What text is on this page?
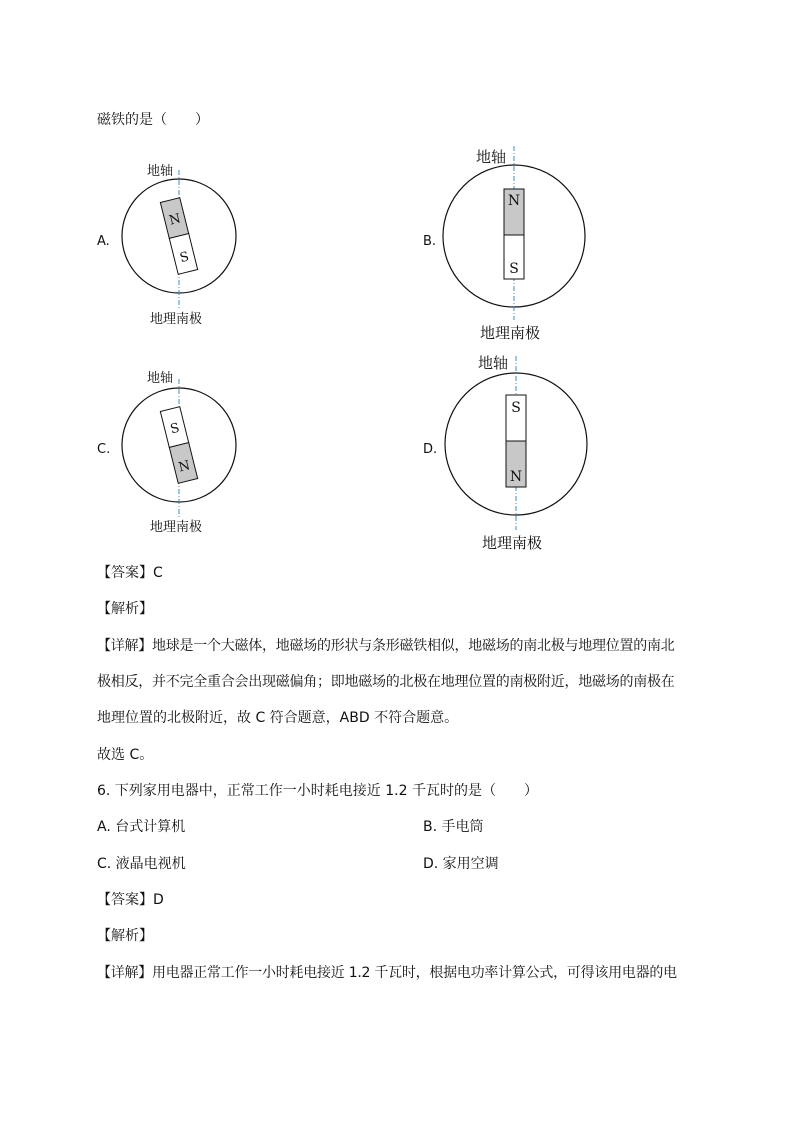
磁铁的是（　　）
地轴
A.
N
S
地理南极
地轴
B.
N
S
地理南极
地轴
C.
S
N
地理南极
地轴
D.
S
N
地理南极
【答案】C
【解析】
【详解】地球是一个大磁体，地磁场的形状与条形磁铁相似，地磁场的南北极与地理位置的南北
极相反，并不完全重合会出现磁偏角；即地磁场的北极在地理位置的南极附近，地磁场的南极在
地理位置的北极附近，故 C 符合题意，ABD 不符合题意。
故选 C。
6. 下列家用电器中，正常工作一小时耗电接近 1.2 千瓦时的是（　　）
A. 台式计算机	B. 手电筒
C. 液晶电视机	D. 家用空调
【答案】D
【解析】
【详解】用电器正常工作一小时耗电接近 1.2 千瓦时，根据电功率计算公式，可得该用电器的电
